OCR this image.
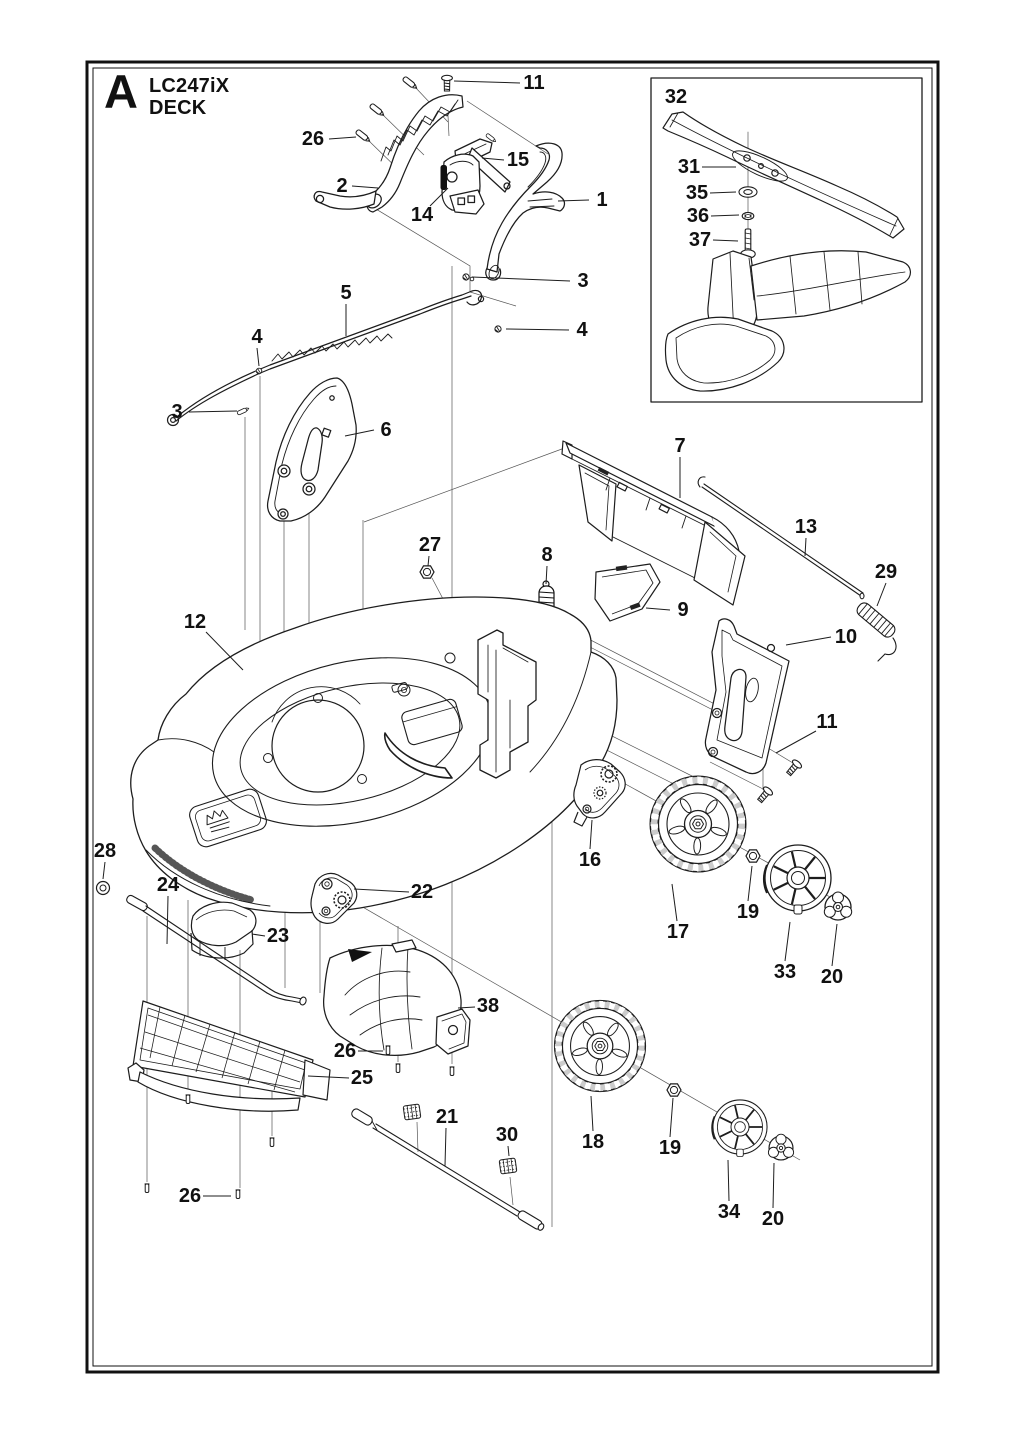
A LC247iX
DECK
11
26
2
15
14
1
3
4
5
4
3
6
7
13
29
27	8
9
10
12
11
16
17
19
33 20
28
24
23
26
25
22
38
21
30	18	19
34 20
26
32
31
35
36
37
